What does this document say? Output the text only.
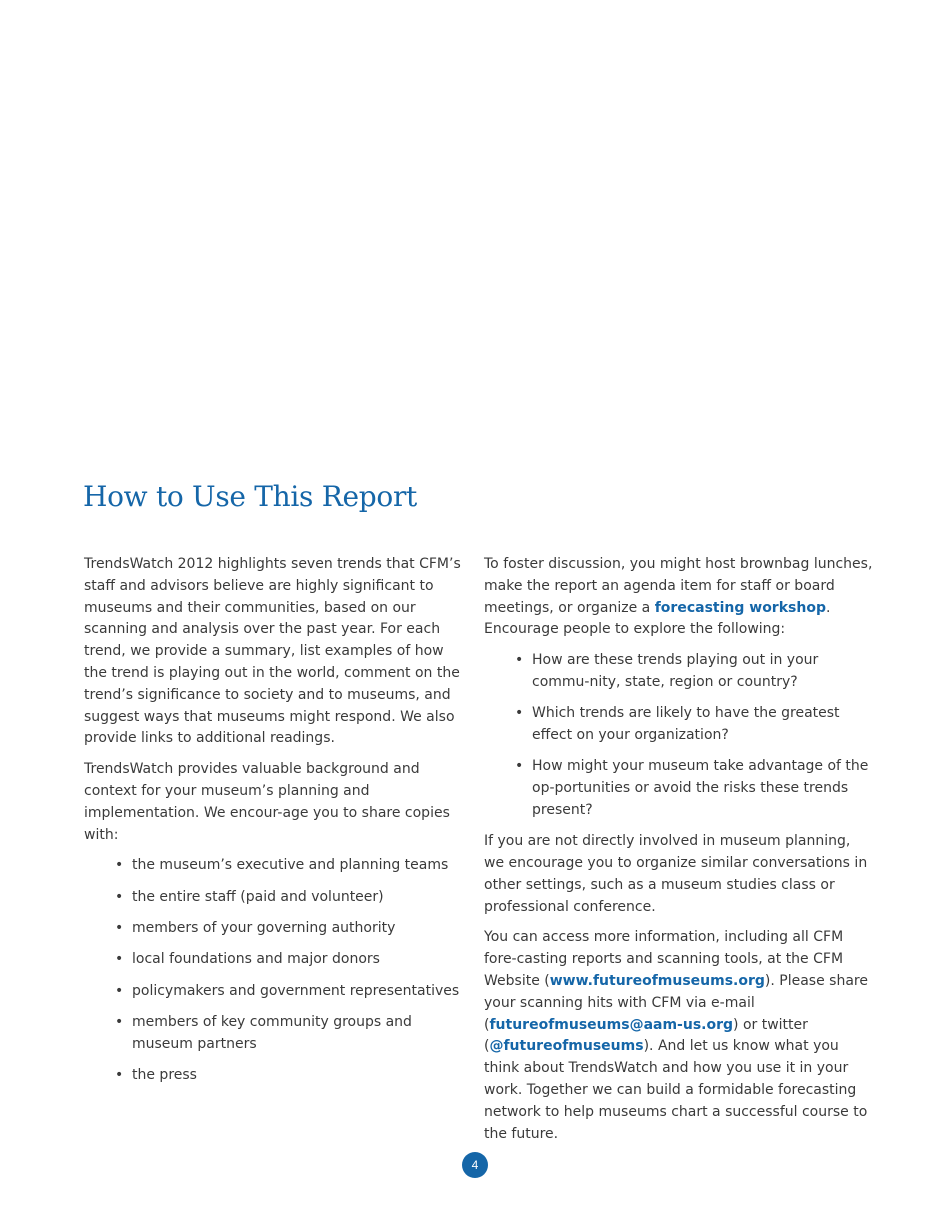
How to Use This Report

TrendsWatch 2012 highlights seven trends that CFM’s staff and advisors believe are highly significant to museums and their communities, based on our scanning and analysis over the past year. For each trend, we provide a summary, list examples of how the trend is playing out in the world, comment on the trend’s significance to society and to museums, and suggest ways that museums might respond. We also provide links to additional readings.

TrendsWatch provides valuable background and context for your museum’s planning and implementation. We encour-age you to share copies with:

• the museum’s executive and planning teams
• the entire staff (paid and volunteer)
• members of your governing authority
• local foundations and major donors
• policymakers and government representatives
• members of key community groups and museum partners
• the press

To foster discussion, you might host brownbag lunches, make the report an agenda item for staff or board meetings, or organize a forecasting workshop. Encourage people to explore the following:

• How are these trends playing out in your commu-nity, state, region or country?
• Which trends are likely to have the greatest effect on your organization?
• How might your museum take advantage of the op-portunities or avoid the risks these trends present?

If you are not directly involved in museum planning, we encourage you to organize similar conversations in other settings, such as a museum studies class or professional conference.

You can access more information, including all CFM fore-casting reports and scanning tools, at the CFM Website (www.futureofmuseums.org). Please share your scanning hits with CFM via e-mail (futureofmuseums@aam-us.org) or twitter (@futureofmuseums). And let us know what you think about TrendsWatch and how you use it in your work. Together we can build a formidable forecasting network to help museums chart a successful course to the future.

4
